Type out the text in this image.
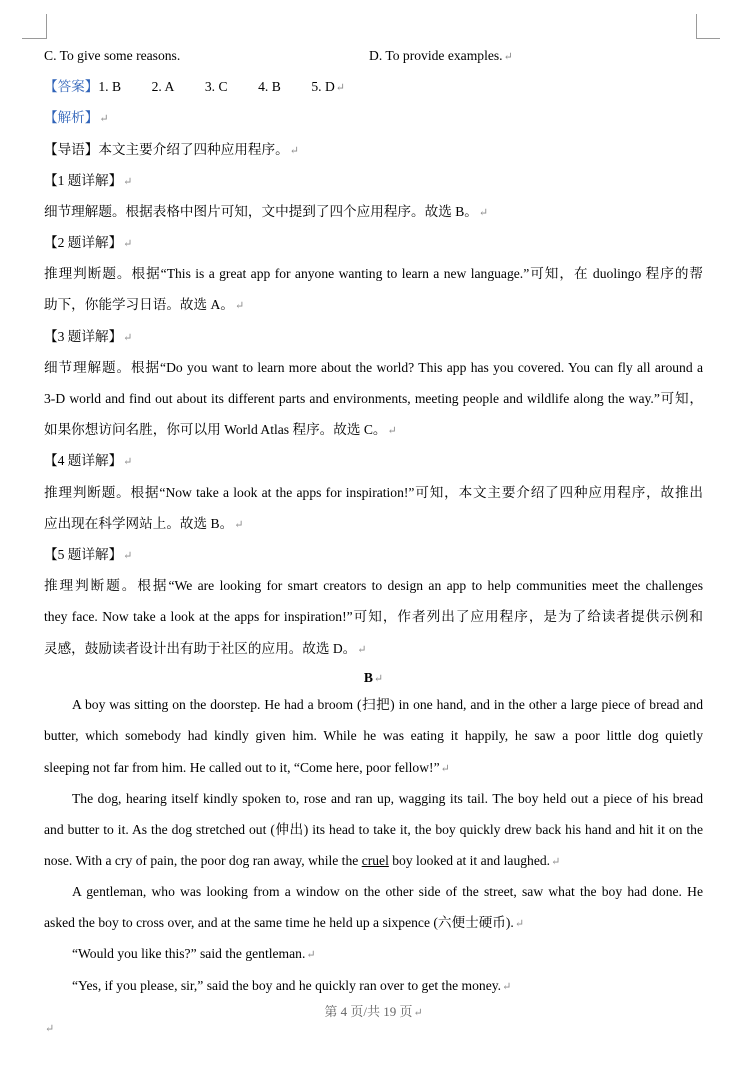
C. To give some reasons.	D. To provide examples.↵
【答案】1. B   2. A   3. C   4. B   5. D↵
【解析】↵
【导语】本文主要介绍了四种应用程序。↵
【1 题详解】↵
细节理解题。根据表格中图片可知，文中提到了四个应用程序。故选 B。↵
【2 题详解】↵
推理判断题。根据“This is a great app for anyone wanting to learn a new language.”可知，在 duolingo 程序的帮
助下，你能学习日语。故选 A。↵
【3 题详解】↵
细节理解题。根据“Do you want to learn more about the world? This app has you covered. You can fly all around a
3-D world and find out about its different parts and environments, meeting people and wildlife along the way.”可知，
如果你想访问名胜，你可以用 World Atlas 程序。故选 C。↵
【4 题详解】↵
推理判断题。根据“Now take a look at the apps for inspiration!”可知，本文主要介绍了四种应用程序，故推出
应出现在科学网站上。故选 B。↵
【5 题详解】↵
推理判断题。根据“We are looking for smart creators to design an app to help communities meet the challenges
they face. Now take a look at the apps for inspiration!”可知，作者列出了应用程序，是为了给读者提供示例和
灵感，鼓励读者设计出有助于社区的应用。故选 D。↵
B↵
A boy was sitting on the doorstep. He had a broom (扫把) in one hand, and in the other a large piece of bread and
butter, which somebody had kindly given him. While he was eating it happily, he saw a poor little dog quietly
sleeping not far from him. He called out to it, “Come here, poor fellow!”↵
The dog, hearing itself kindly spoken to, rose and ran up, wagging its tail. The boy held out a piece of his bread
and butter to it. As the dog stretched out (伸出) its head to take it, the boy quickly drew back his hand and hit it on the
nose. With a cry of pain, the poor dog ran away, while the cruel boy looked at it and laughed.↵
A gentleman, who was looking from a window on the other side of the street, saw what the boy had done. He
asked the boy to cross over, and at the same time he held up a sixpence (六便士硬币).↵
“Would you like this?” said the gentleman.↵
“Yes, if you please, sir,” said the boy and he quickly ran over to get the money.↵
第 4 页/共 19 页↵
↵
